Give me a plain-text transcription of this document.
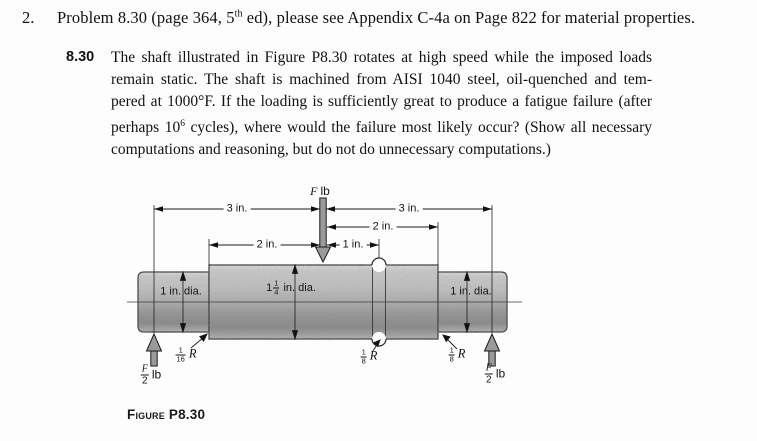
2. Problem 8.30 (page 364, 5th ed), please see Appendix C-4a on Page 822 for material properties.
8.30 The shaft illustrated in Figure P8.30 rotates at high speed while the imposed loads
remain static. The shaft is machined from AISI 1040 steel, oil-quenched and tem-
pered at 1000°F. If the loading is sufficiently great to produce a fatigue failure (after
perhaps $10^6$ cycles), where would the failure most likely occur? (Show all necessary
computations and reasoning, but do not do unnecessary computations.)
F lb
3 in.	3 in.
2 in.
2 in.	1 in.
1 in. dia.	$1 \frac{1}{4}$ in. dia.	1 in. dia.
$\frac{1}{16}$ R	$\frac{1}{8}$ R	$\frac{1}{8}$ R
$\frac{F}{2}$ lb	$\frac{F}{2}$ lb
Figure P8.30
